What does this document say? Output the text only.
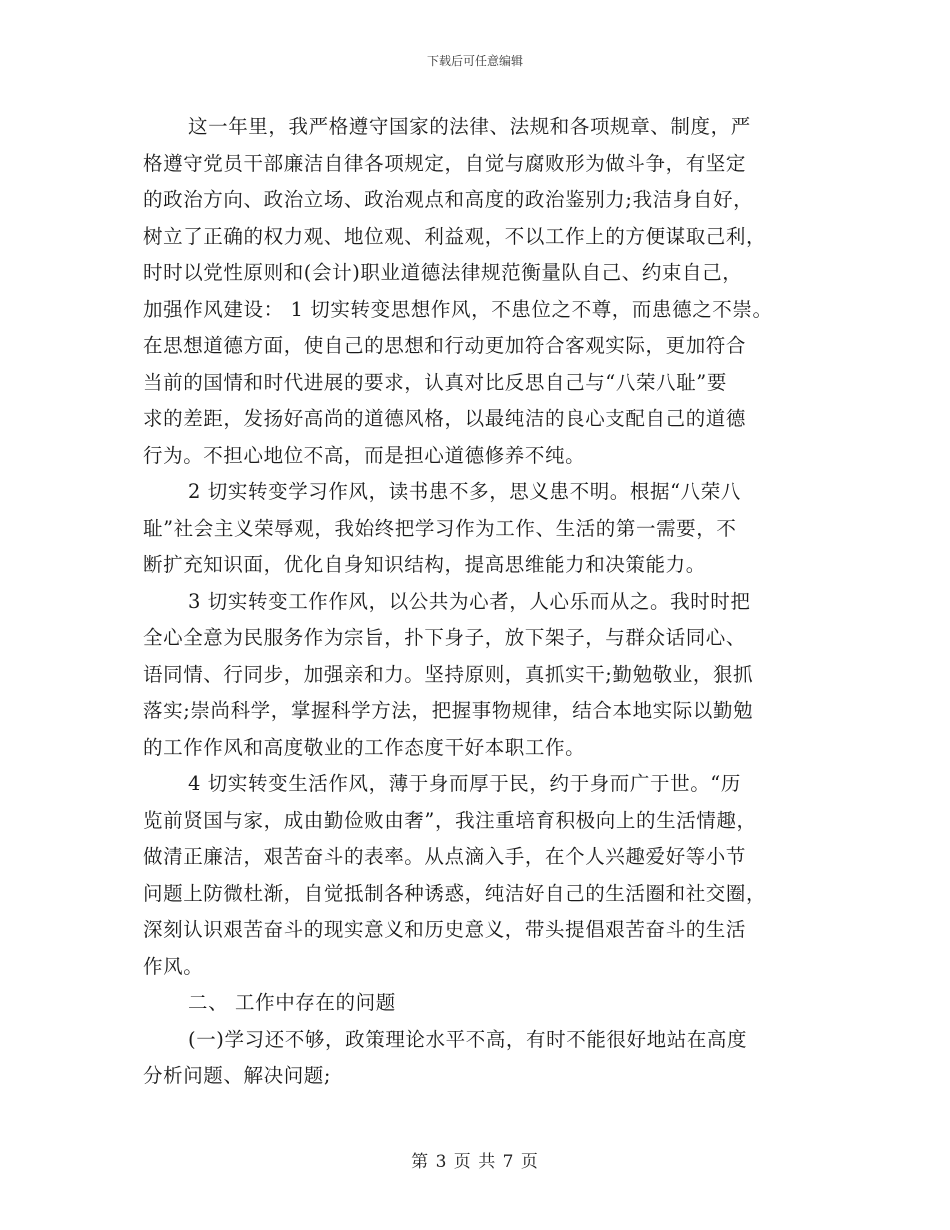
下载后可任意编辑
这一年里，我严格遵守国家的法律、法规和各项规章、制度，严
格遵守党员干部廉洁自律各项规定，自觉与腐败形为做斗争，有坚定
的政治方向、政治立场、政治观点和高度的政治鉴别力;我洁身自好，
树立了正确的权力观、地位观、利益观，不以工作上的方便谋取己利，
时时以党性原则和(会计)职业道德法律规范衡量队自己、约束自己，
加强作风建设： 1 切实转变思想作风，不患位之不尊，而患德之不崇。
在思想道德方面，使自己的思想和行动更加符合客观实际，更加符合
当前的国情和时代进展的要求，认真对比反思自己与“八荣八耻”要
求的差距，发扬好高尚的道德风格，以最纯洁的良心支配自己的道德
行为。不担心地位不高，而是担心道德修养不纯。
2 切实转变学习作风，读书患不多，思义患不明。根据“八荣八
耻”社会主义荣辱观，我始终把学习作为工作、生活的第一需要，不
断扩充知识面，优化自身知识结构，提高思维能力和决策能力。
3 切实转变工作作风，以公共为心者，人心乐而从之。我时时把
全心全意为民服务作为宗旨，扑下身子，放下架子，与群众话同心、
语同情、行同步，加强亲和力。坚持原则，真抓实干;勤勉敬业，狠抓
落实;崇尚科学，掌握科学方法，把握事物规律，结合本地实际以勤勉
的工作作风和高度敬业的工作态度干好本职工作。
4 切实转变生活作风，薄于身而厚于民，约于身而广于世。“历
览前贤国与家，成由勤俭败由奢”，我注重培育积极向上的生活情趣，
做清正廉洁，艰苦奋斗的表率。从点滴入手，在个人兴趣爱好等小节
问题上防微杜渐，自觉抵制各种诱惑，纯洁好自己的生活圈和社交圈，
深刻认识艰苦奋斗的现实意义和历史意义，带头提倡艰苦奋斗的生活
作风。
二、 工作中存在的问题
(一)学习还不够，政策理论水平不高，有时不能很好地站在高度
分析问题、解决问题;
第 3 页 共 7 页
